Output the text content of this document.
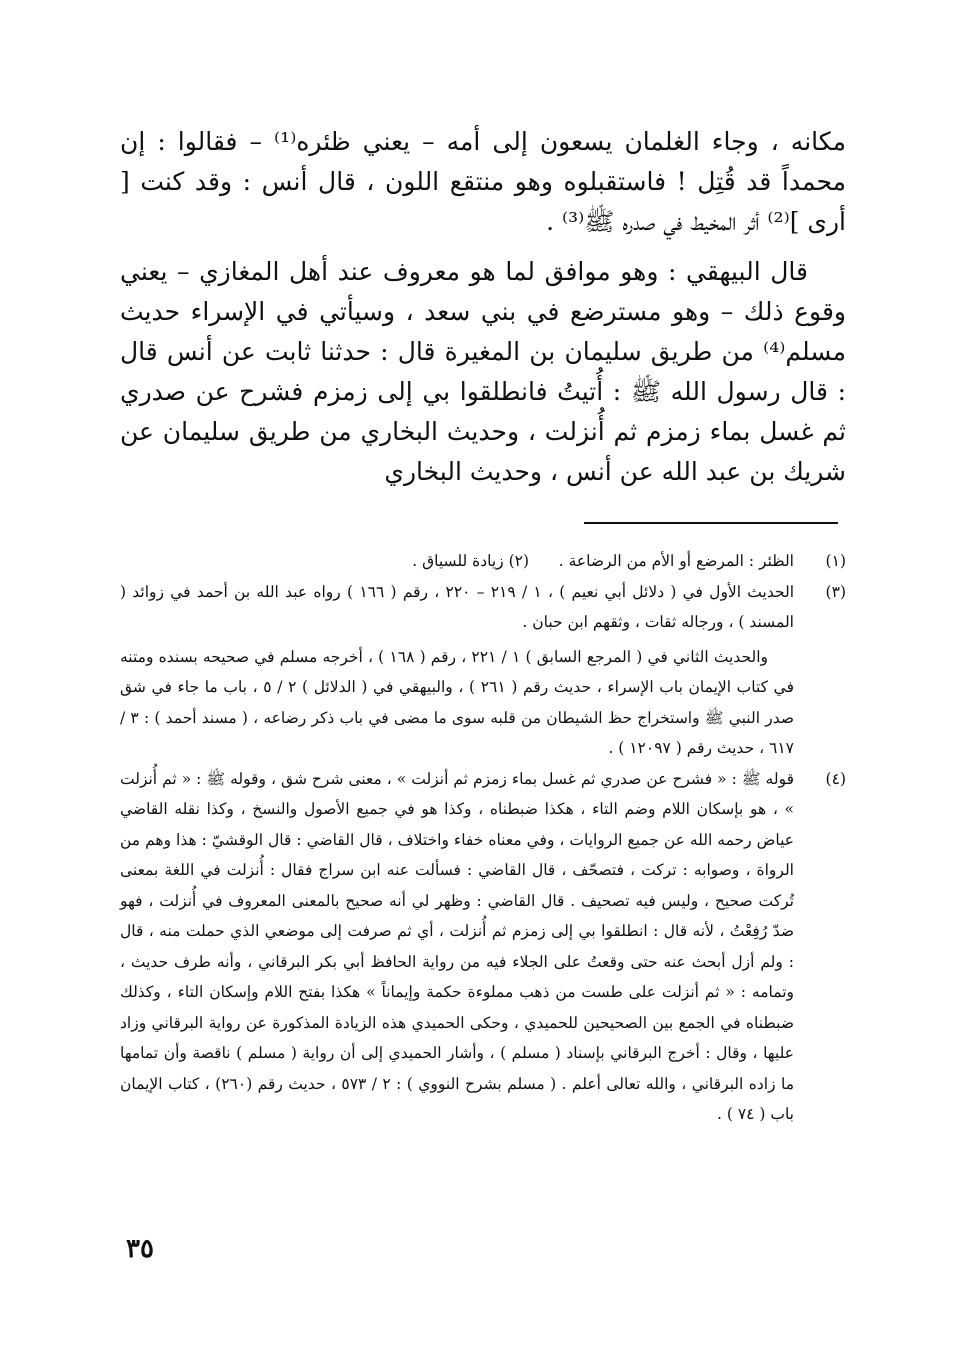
مكانه ، وجاء الغلمان يسعون إلى أمه – يعني ظئره⁽¹⁾ – فقالوا : إن محمداً قد قُتِل ! فاستقبلوه وهو منتقع اللون ، قال أنس : وقد كنت [ أرى ]⁽²⁾ أثر المخيط في صدره ﷺ⁽³⁾ .

قال البيهقي : وهو موافق لما هو معروف عند أهل المغازي – يعني وقوع ذلك – وهو مسترضع في بني سعد ، وسيأتي في الإسراء حديث مسلم⁽⁴⁾ من طريق سليمان بن المغيرة قال : حدثنا ثابت عن أنس قال : قال رسول الله ﷺ : أُتيتُ فانطلقوا بي إلى زمزم فشرح عن صدري ثم غسل بماء زمزم ثم أُنزلت ، وحديث البخاري من طريق سليمان عن شريك بن عبد الله عن أنس ، وحديث البخاري

(١)

الظئر : المرضع أو الأم من الرضاعة . (٢) زيادة للسياق .

(٣)

الحديث الأول في ( دلائل أبي نعيم ) ، ١ / ٢١٩ – ٢٢٠ ، رقم ( ١٦٦ ) رواه عبد الله بن أحمد في زوائد ( المسند ) ، ورجاله ثقات ، وثقهم ابن حبان .

والحديث الثاني في ( المرجع السابق ) ١ / ٢٢١ ، رقم ( ١٦٨ ) ، أخرجه مسلم في صحيحه بسنده ومتنه في كتاب الإيمان باب الإسراء ، حديث رقم ( ٢٦١ ) ، والبيهقي في ( الدلائل ) ٢ / ٥ ، باب ما جاء في شق صدر النبي ﷺ واستخراج حظ الشيطان من قلبه سوى ما مضى في باب ذكر رضاعه ، ( مسند أحمد ) : ٣ / ٦١٧ ، حديث رقم ( ١٢٠٩٧ ) .

(٤)

قوله ﷺ : « فشرح عن صدري ثم غسل بماء زمزم ثم أنزلت » ، معنى شرح شق ، وقوله ﷺ : « ثم أُنزلت » ، هو بإسكان اللام وضم التاء ، هكذا ضبطناه ، وكذا هو في جميع الأصول والنسخ ، وكذا نقله القاضي عياض رحمه الله عن جميع الروايات ، وفي معناه خفاء واختلاف ، قال القاضي : قال الوقشيّ : هذا وهم من الرواة ، وصوابه : تركت ، فتصحّف ، قال القاضي : فسألت عنه ابن سراج فقال : أُنزلت في اللغة بمعنى تُركت صحيح ، وليس فيه تصحيف . قال القاضي : وظهر لي أنه صحيح بالمعنى المعروف في أُنزلت ، فهو ضدّ رُفِعْتُ ، لأنه قال : انطلقوا بي إلى زمزم ثم أُنزلت ، أي ثم صرفت إلى موضعي الذي حملت منه ، قال : ولم أزل أبحث عنه حتى وقعتُ على الجلاء فيه من رواية الحافظ أبي بكر البرقاني ، وأنه طرف حديث ، وتمامه : « ثم أنزلت على طست من ذهب مملوءة حكمة وإيماناً » هكذا بفتح اللام وإسكان التاء ، وكذلك ضبطناه في الجمع بين الصحيحين للحميدي ، وحكى الحميدي هذه الزيادة المذكورة عن رواية البرقاني وزاد عليها ، وقال : أخرج البرقاني بإسناد ( مسلم ) ، وأشار الحميدي إلى أن رواية ( مسلم ) ناقصة وأن تمامها ما زاده البرقاني ، والله تعالى أعلم . ( مسلم بشرح النووي ) : ٢ / ٥٧٣ ، حديث رقم (٢٦٠) ، كتاب الإيمان باب ( ٧٤ ) .

٣٥
